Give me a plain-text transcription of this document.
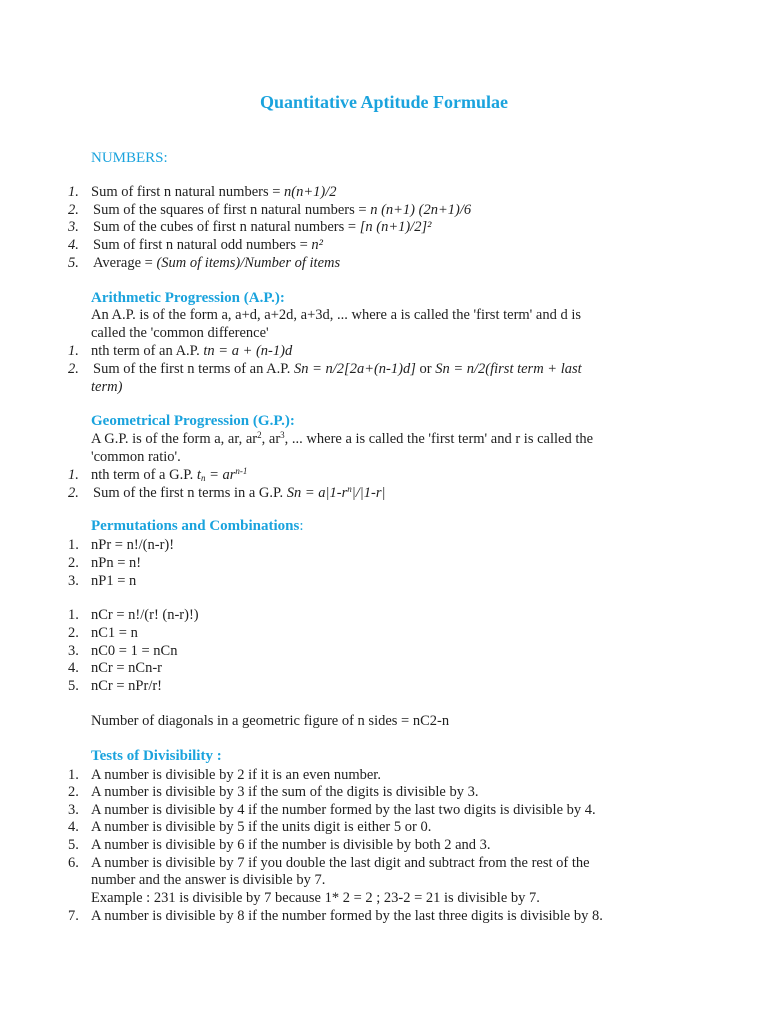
Quantitative Aptitude Formulae
NUMBERS:
1. Sum of first n natural numbers = n(n+1)/2
2. Sum of the squares of first n natural numbers = n (n+1) (2n+1)/6
3. Sum of the cubes of first n natural numbers = [n (n+1)/2]²
4. Sum of first n natural odd numbers = n²
5. Average = (Sum of items)/Number of items
Arithmetic Progression (A.P.):
An A.P. is of the form a, a+d, a+2d, a+3d, ... where a is called the 'first term' and d is
called the 'common difference'
1. nth term of an A.P. tn = a + (n-1)d
2. Sum of the first n terms of an A.P. Sn = n/2[2a+(n-1)d] or Sn = n/2(first term + last
term)
Geometrical Progression (G.P.):
A G.P. is of the form a, ar, $ar^2$, $ar^3$, ... where a is called the 'first term' and r is called the
'common ratio'.
1. nth term of a G.P. $t_n = ar^{n-1}$
2. Sum of the first n terms in a G.P. $Sn = a|1-r^n|/|1-r|$
Permutations and Combinations:
1. nPr = n!/(n-r)!
2. nPn = n!
3. nP1 = n
1. nCr = n!/(r! (n-r)!)
2. nC1 = n
3. nC0 = 1 = nCn
4. nCr = nCn-r
5. nCr = nPr/r!
Number of diagonals in a geometric figure of n sides = nC2-n
Tests of Divisibility :
1. A number is divisible by 2 if it is an even number.
2. A number is divisible by 3 if the sum of the digits is divisible by 3.
3. A number is divisible by 4 if the number formed by the last two digits is divisible by 4.
4. A number is divisible by 5 if the units digit is either 5 or 0.
5. A number is divisible by 6 if the number is divisible by both 2 and 3.
6. A number is divisible by 7 if you double the last digit and subtract from the rest of the
number and the answer is divisible by 7.
Example : 231 is divisible by 7 because 1* 2 = 2 ; 23-2 = 21 is divisible by 7.
7. A number is divisible by 8 if the number formed by the last three digits is divisible by 8.
